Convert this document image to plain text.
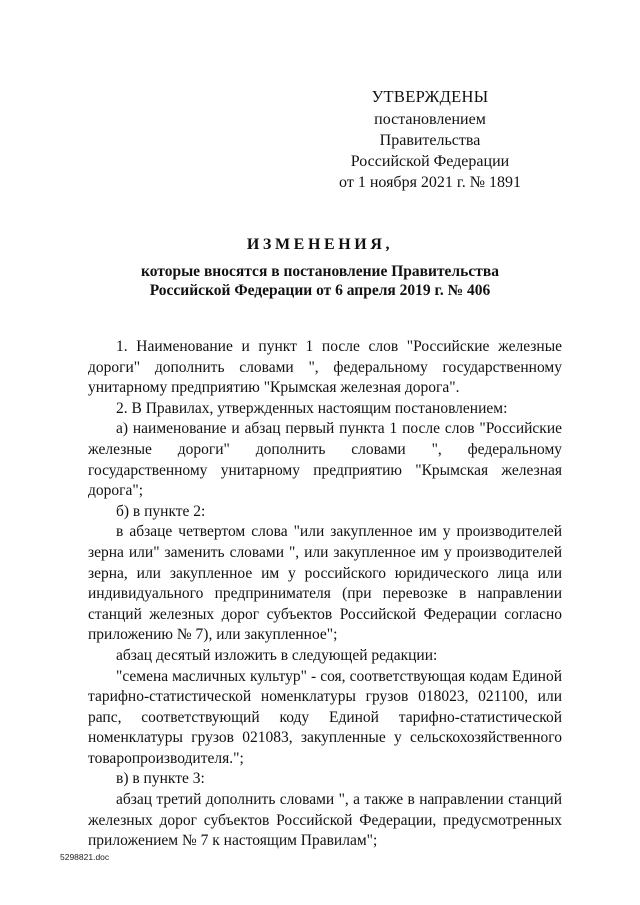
УТВЕРЖДЕНЫ
постановлением Правительства
Российской Федерации
от 1 ноября 2021 г. № 1891
ИЗМЕНЕНИЯ,
которые вносятся в постановление Правительства Российской Федерации от 6 апреля 2019 г. № 406

1. Наименование и пункт 1 после слов "Российские железные дороги" дополнить словами ", федеральному государственному унитарному предприятию "Крымская железная дорога".

2. В Правилах, утвержденных настоящим постановлением:

а) наименование и абзац первый пункта 1 после слов "Российские железные дороги" дополнить словами ", федеральному государственному унитарному предприятию "Крымская железная дорога";

б) в пункте 2:

в абзаце четвертом слова "или закупленное им у производителей зерна или" заменить словами ", или закупленное им у производителей зерна, или закупленное им у российского юридического лица или индивидуального предпринимателя (при перевозке в направлении станций железных дорог субъектов Российской Федерации согласно приложению № 7), или закупленное";

абзац десятый изложить в следующей редакции:

"семена масличных культур" - соя, соответствующая кодам Единой тарифно-статистической номенклатуры грузов 018023, 021100, или рапс, соответствующий коду Единой тарифно-статистической номенклатуры грузов 021083, закупленные у сельскохозяйственного товаропроизводителя.";

в) в пункте 3:

абзац третий дополнить словами ", а также в направлении станций железных дорог субъектов Российской Федерации, предусмотренных приложением № 7 к настоящим Правилам";

5298821.doc
